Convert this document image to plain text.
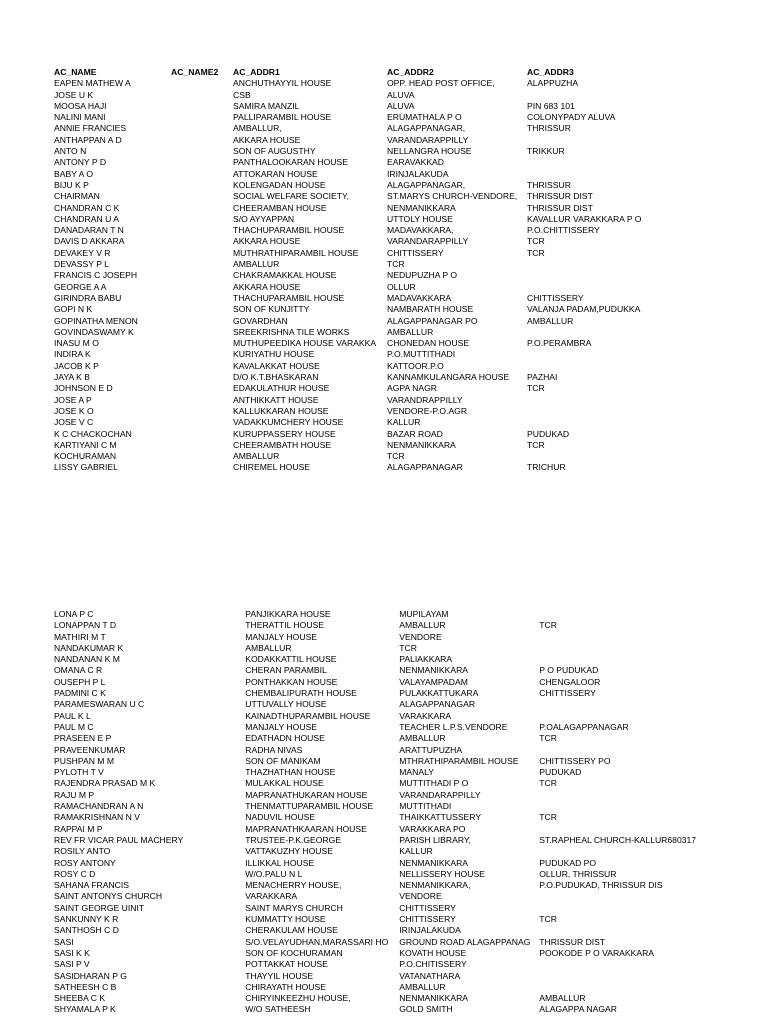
AC_NAME	AC_NAME2	AC_ADDR1	AC_ADDR2	AC_ADDR3
EAPEN MATHEW A		ANCHUTHAYYIL HOUSE	OPP. HEAD POST OFFICE,	ALAPPUZHA
JOSE U K		CSB	ALUVA	
MOOSA HAJI		SAMIRA MANZIL	ALUVA	PIN 683 101
NALINI MANI		PALLIPARAMBIL HOUSE	ERUMATHALA P O	COLONYPADY ALUVA
ANNIE FRANCIES		AMBALLUR,	ALAGAPPANAGAR,	THRISSUR
ANTHAPPAN A D		AKKARA HOUSE	VARANDARAPPILLY	
ANTO N		SON OF AUGUSTHY	NELLANGRA HOUSE	TRIKKUR
ANTONY P D		PANTHALOOKARAN HOUSE	EARAVAKKAD	
BABY A O		ATTOKARAN HOUSE	IRINJALAKUDA	
BIJU K P		KOLENGADAN HOUSE	ALAGAPPANAGAR,	THRISSUR
CHAIRMAN		SOCIAL WELFARE SOCIETY,	ST.MARYS CHURCH-VENDORE,	THRISSUR DIST
CHANDRAN C K		CHEERAMBAN HOUSE	NENMANIKKARA	THRISSUR DIST
CHANDRAN U A		S/O AYYAPPAN	UTTOLY HOUSE	KAVALLUR VARAKKARA P O
DANADARAN T N		THACHUPARAMBIL HOUSE	MADAVAKKARA,	P.O.CHITTISSERY
DAVIS D AKKARA		AKKARA HOUSE	VARANDARAPPILLY	TCR
DEVAKEY V R		MUTHRATHIPARAMBIL HOUSE	CHITTISSERY	TCR
DEVASSY P L		AMBALLUR	TCR	
FRANCIS C JOSEPH		CHAKRAMAKKAL HOUSE	NEDUPUZHA P O	
GEORGE A A		AKKARA HOUSE	OLLUR	
GIRINDRA BABU		THACHUPARAMBIL HOUSE	MADAVAKKARA	CHITTISSERY
GOPI N K		SON OF KUNJITTY	NAMBARATH HOUSE	VALANJA PADAM,PUDUKKA
GOPINATHA MENON		GOVARDHAN	ALAGAPPANAGAR PO	AMBALLUR
GOVINDASWAMY K		SREEKRISHNA TILE WORKS	AMBALLUR	
INASU M O		MUTHUPEEDIKA HOUSE VARAKKA	CHONEDAN HOUSE	P.O.PERAMBRA
INDIRA K		KURIYATHU HOUSE	P.O.MUTTITHADI	
JACOB K P		KAVALAKKAT HOUSE	KATTOOR.P.O	
JAYA K B		D/O K.T.BHASKARAN	KANNAMKULANGARA HOUSE	PAZHAI
JOHNSON E D		EDAKULATHUR HOUSE	AGPA NAGR	TCR
JOSE A P		ANTHIKKATT HOUSE	VARANDRAPPILLY	
JOSE K O		KALLUKKARAN HOUSE	VENDORE-P.O.AGR	
JOSE V C		VADAKKUMCHERY HOUSE	KALLUR	
K C CHACKOCHAN		KURUPPASSERY HOUSE	BAZAR ROAD	PUDUKAD
KARTIYANI C M		CHEERAMBATH HOUSE	NENMANIKKARA	TCR
KOCHURAMAN		AMBALLUR	TCR	
LISSY GABRIEL		CHIREMEL HOUSE	ALAGAPPANAGAR	TRICHUR
LONA P C		PANJIKKARA HOUSE	MUPILAYAM	
LONAPPAN T D		THERATTIL HOUSE	AMBALLUR	TCR
MATHIRI M T		MANJALY HOUSE	VENDORE	
NANDAKUMAR K		AMBALLUR	TCR	
NANDANAN K M		KODAKKATTIL HOUSE	PALIAKKARA	
OMANA C R		CHERAN PARAMBIL	NENMANIKKARA	P O PUDUKAD
OUSEPH P L		PONTHAKKAN HOUSE	VALAYAMPADAM	CHENGALOOR
PADMINI C K		CHEMBALIPURATH HOUSE	PULAKKATTUKARA	CHITTISSERY
PARAMESWARAN U C		UTTUVALLY HOUSE	ALAGAPPANAGAR	
PAUL K L		KAINADTHUPARAMBIL HOUSE	VARAKKARA	
PAUL M C		MANJALY HOUSE	TEACHER L.P.S.VENDORE	P.OALAGAPPANAGAR
PRASEEN E P		EDATHADN HOUSE	AMBALLUR	TCR
PRAVEENKUMAR		RADHA NIVAS	ARATTUPUZHA	
PUSHPAN M M		SON OF MANIKAM	MTHRATHIPARAMBIL HOUSE	CHITTISSERY PO
PYLOTH T V		THAZHATHAN HOUSE	MANALY	PUDUKAD
RAJENDRA PRASAD M K		MULAKKAL HOUSE	MUTTITHADI P O	TCR
RAJU M P		MAPRANATHUKARAN HOUSE	VARANDARAPPILLY	
RAMACHANDRAN A N		THENMATTUPARAMBIL HOUSE	MUTTITHADI	
RAMAKRISHNAN N V		NADUVIL HOUSE	THAIKKATTUSSERY	TCR
RAPPAI M P		MAPRANATHKAARAN HOUSE	VARAKKARA PO	
REV FR VICAR PAUL MACHERY		TRUSTEE-P.K.GEORGE	PARISH LIBRARY,	ST.RAPHEAL CHURCH-KALLUR680317
ROSILY ANTO		VATTAKUZHY HOUSE	KALLUR	
ROSY ANTONY		ILLIKKAL HOUSE	NENMANIKKARA	PUDUKAD PO
ROSY C D		W/O.PALU N L	NELLISSERY HOUSE	OLLUR, THRISSUR
SAHANA FRANCIS		MENACHERRY HOUSE,	NENMANIKKARA,	P.O.PUDUKAD, THRISSUR DIS
SAINT ANTONYS CHURCH		VARAKKARA	VENDORE	
SAINT GEORGE UINIT		SAINT MARYS CHURCH	CHITTISSERY	
SANKUNNY K R		KUMMATTY HOUSE	CHITTISSERY	TCR
SANTHOSH C D		CHERAKULAM HOUSE	IRINJALAKUDA	
SASI		S/O.VELAYUDHAN,MARASSARI HO	GROUND ROAD ALAGAPPANAG	THRISSUR DIST
SASI K K		SON OF KOCHURAMAN	KOVATH HOUSE	POOKODE P O VARAKKARA
SASI P V		POTTAKKAT HOUSE	P.O.CHITISSERY	
SASIDHARAN P G		THAYYIL HOUSE	VATANATHARA	
SATHEESH C B		CHIRAYATH HOUSE	AMBALLUR	
SHEEBA C K		CHIRYINKEEZHU HOUSE,	NENMANIKKARA	AMBALLUR
SHYAMALA P K		W/O SATHEESH	GOLD SMITH	ALAGAPPA NAGAR
